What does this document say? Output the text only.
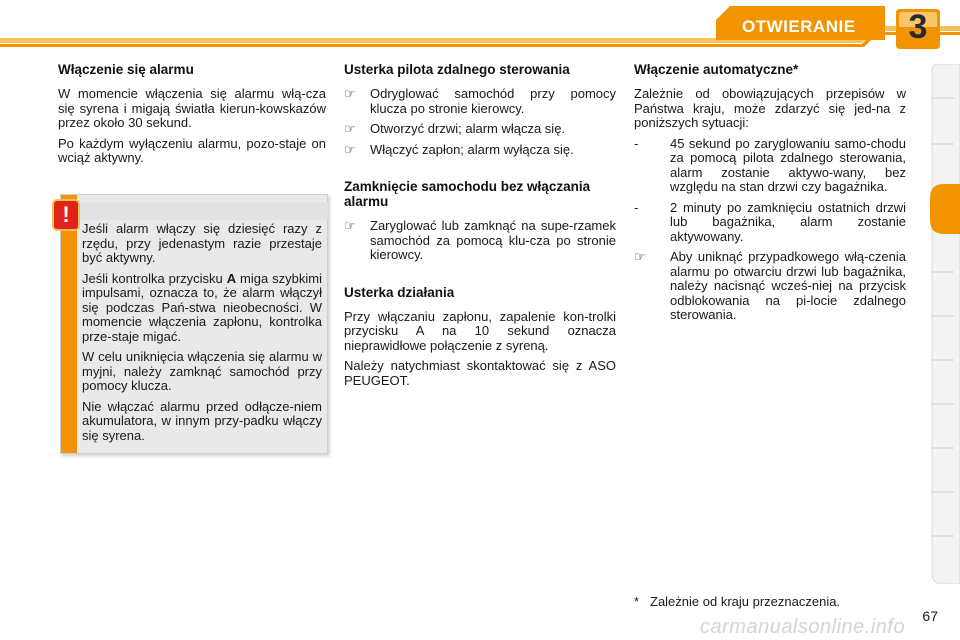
OTWIERANIE	3
Włączenie się alarmu

W momencie włączenia się alarmu włą-cza się syrena i migają światła kierun-kowskazów przez około 30 sekund.

Po każdym wyłączeniu alarmu, pozo-staje on wciąż aktywny.

!

Jeśli alarm włączy się dziesięć razy z rzędu, przy jedenastym razie przestaje być aktywny.

Jeśli kontrolka przycisku A miga szybkimi impulsami, oznacza to, że alarm włączył się podczas Pań-stwa nieobecności. W momencie włączenia zapłonu, kontrolka prze-staje migać.

W celu uniknięcia włączenia się alarmu w myjni, należy zamknąć samochód przy pomocy klucza.

Nie włączać alarmu przed odłącze-niem akumulatora, w innym przy-padku włączy się syrena.

Usterka pilota zdalnego sterowania
☞	Odryglować samochód przy pomocy klucza po stronie kierowcy.
☞	Otworzyć drzwi; alarm włącza się.
☞	Włączyć zapłon; alarm wyłącza się.
Zamknięcie samochodu bez włączania alarmu
☞	Zaryglować lub zamknąć na supe-rzamek samochód za pomocą klu-cza po stronie kierowcy.
Usterka działania

Przy włączaniu zapłonu, zapalenie kon-trolki przycisku A na 10 sekund oznacza nieprawidłowe połączenie z syreną.

Należy natychmiast skontaktować się z ASO PEUGEOT.

Włączenie automatyczne*

Zależnie od obowiązujących przepisów w Państwa kraju, może zdarzyć się jed-na z poniższych sytuacji:

-	45 sekund po zaryglowaniu samo-chodu za pomocą pilota zdalnego sterowania, alarm zostanie aktywo-wany, bez względu na stan drzwi czy bagażnika.
-	2 minuty po zamknięciu ostatnich drzwi lub bagażnika, alarm zostanie aktywowany.
☞	Aby uniknąć przypadkowego włą-czenia alarmu po otwarciu drzwi lub bagażnika, należy nacisnąć wcześ-niej na przycisk odblokowania na pi-locie zdalnego sterowania.
* Zależnie od kraju przeznaczenia.
carmanualsonline.info	67
